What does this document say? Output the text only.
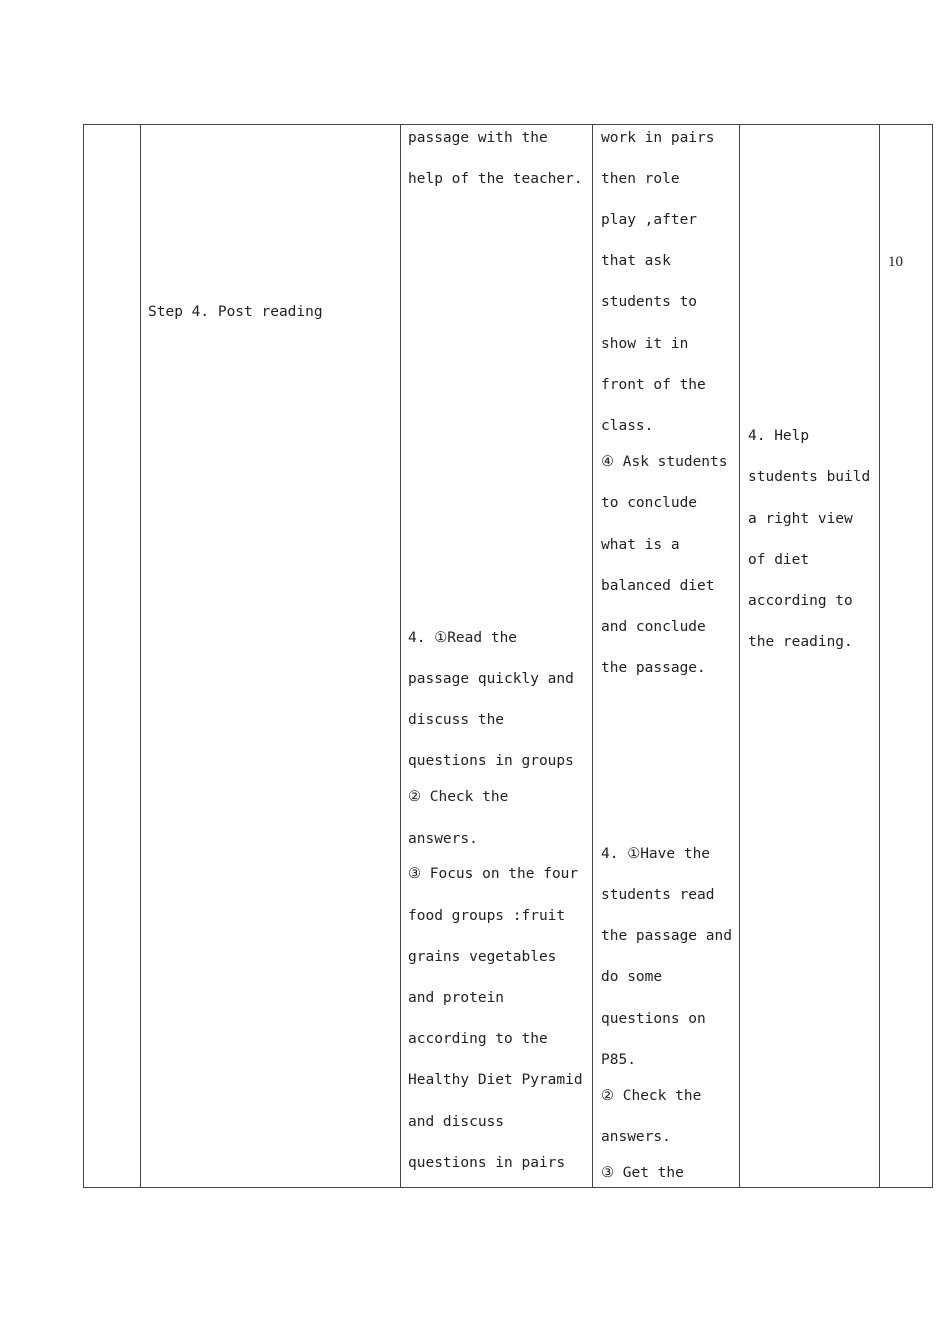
Step 4. Post reading
passage with the
help of the teacher.
4. ①Read the
passage quickly and
discuss the
questions in groups
② Check the
answers.
③ Focus on the four
food groups :fruit
grains vegetables
and protein
according to the
Healthy Diet Pyramid
and discuss
questions in pairs
work in pairs
then role
play ,after
that ask
students to
show it in
front of the
class.
④ Ask students
to conclude
what is a
balanced diet
and conclude
the passage.
4. ①Have the
students read
the passage and
do some
questions on
P85.
② Check the
answers.
③ Get the
4. Help
students build
a right view
of diet
according to
the reading.
10
